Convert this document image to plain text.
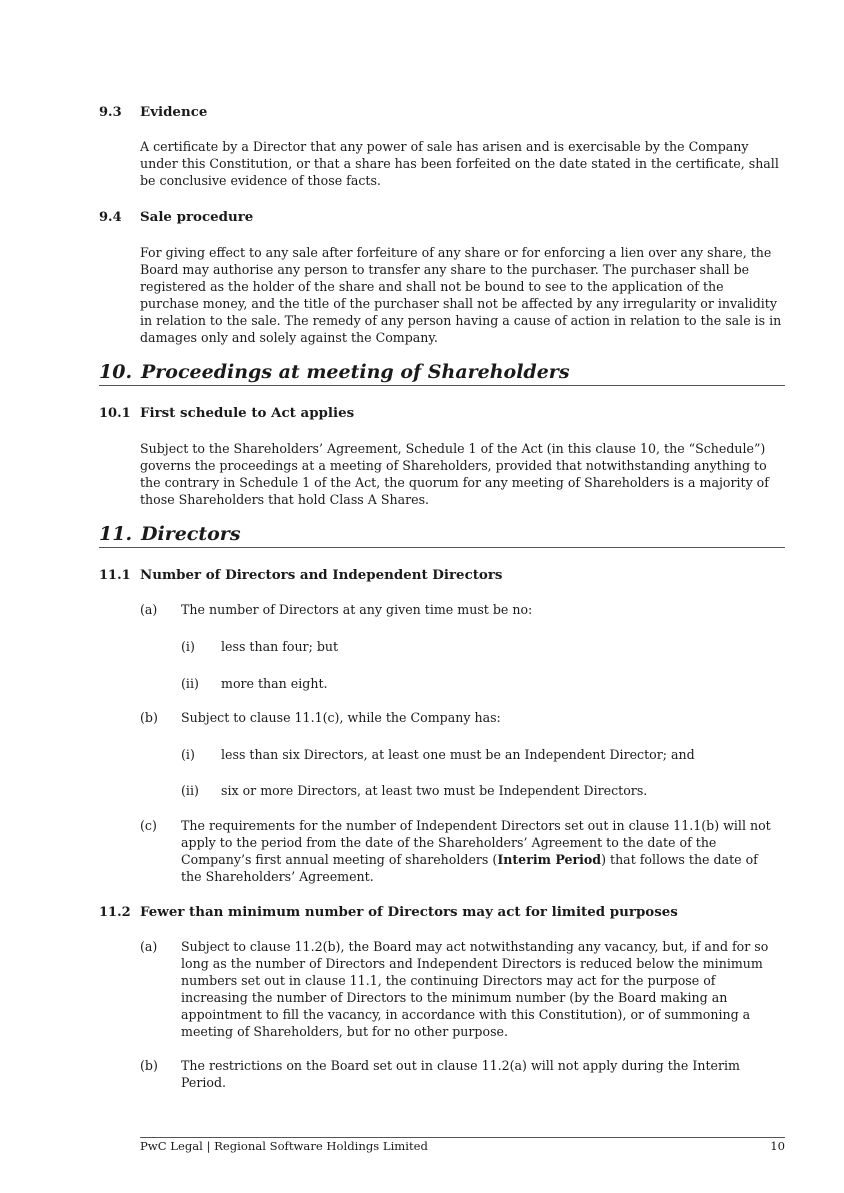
9.3 Evidence
A certificate by a Director that any power of sale has arisen and is exercisable by the Company under this Constitution, or that a share has been forfeited on the date stated in the certificate, shall be conclusive evidence of those facts.
9.4 Sale procedure
For giving effect to any sale after forfeiture of any share or for enforcing a lien over any share, the Board may authorise any person to transfer any share to the purchaser. The purchaser shall be registered as the holder of the share and shall not be bound to see to the application of the purchase money, and the title of the purchaser shall not be affected by any irregularity or invalidity in relation to the sale. The remedy of any person having a cause of action in relation to the sale is in damages only and solely against the Company.
10. Proceedings at meeting of Shareholders
10.1 First schedule to Act applies
Subject to the Shareholders’ Agreement, Schedule 1 of the Act (in this clause 10, the “Schedule”) governs the proceedings at a meeting of Shareholders, provided that notwithstanding anything to the contrary in Schedule 1 of the Act, the quorum for any meeting of Shareholders is a majority of those Shareholders that hold Class A Shares.
11. Directors
11.1 Number of Directors and Independent Directors
(a) The number of Directors at any given time must be no:
(i) less than four; but
(ii) more than eight.
(b) Subject to clause 11.1(c), while the Company has:
(i) less than six Directors, at least one must be an Independent Director; and
(ii) six or more Directors, at least two must be Independent Directors.
(c) The requirements for the number of Independent Directors set out in clause 11.1(b) will not apply to the period from the date of the Shareholders’ Agreement to the date of the Company’s first annual meeting of shareholders (Interim Period) that follows the date of the Shareholders’ Agreement.
11.2 Fewer than minimum number of Directors may act for limited purposes
(a) Subject to clause 11.2(b), the Board may act notwithstanding any vacancy, but, if and for so long as the number of Directors and Independent Directors is reduced below the minimum numbers set out in clause 11.1, the continuing Directors may act for the purpose of increasing the number of Directors to the minimum number (by the Board making an appointment to fill the vacancy, in accordance with this Constitution), or of summoning a meeting of Shareholders, but for no other purpose.
(b) The restrictions on the Board set out in clause 11.2(a) will not apply during the Interim Period.
PwC Legal | Regional Software Holdings Limited	10
